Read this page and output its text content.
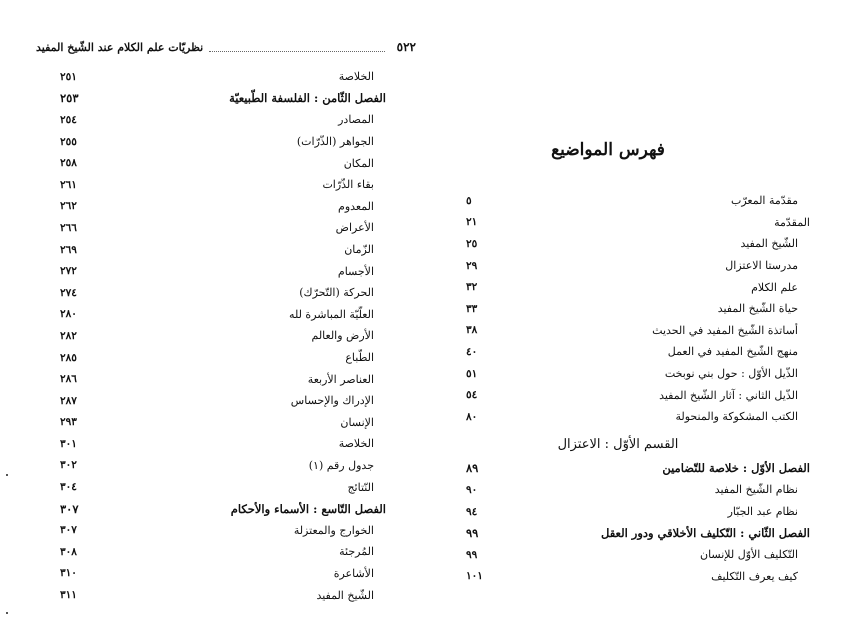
نظريّات علم الكلام عند الشّيخ المفيد	٥٢٢
الخلاصة
٢٥١
الفصل الثّامن : الفلسفة الطّبيعيّة
٢٥٣
المصادر
٢٥٤
الجواهر (الذّرّات)
٢٥٥
المكان
٢٥٨
بقاء الذّرّات
٢٦١
المعدوم
٢٦٢
الأعراض
٢٦٦
الزّمان
٢٦٩
الأجسام
٢٧٢
الحركة (التّحرّك)
٢٧٤
العلّيّة المباشرة لله
٢٨٠
الأرض والعالم
٢٨٢
الطّباع
٢٨٥
العناصر الأربعة
٢٨٦
الإدراك والإحساس
٢٨٧
الإنسان
٢٩٣
الخلاصة
٣٠١
جدول رقم (١)
٣٠٢
النّتائج
٣٠٤
الفصل التّاسع : الأسماء والأحكام
٣٠٧
الخوارج والمعتزلة
٣٠٧
المُرجئة
٣٠٨
الأشاعرة
٣١٠
الشّيخ المفيد
٣١١
فهرس المواضيع
مقدّمة المعرّب
٥
المقدّمة
٢١
الشّيخ المفيد
٢٥
مدرستا الاعتزال
٢٩
علم الكلام
٣٢
حياة الشّيخ المفيد
٣٣
أساتذة الشّيخ المفيد في الحديث
٣٨
منهج الشّيخ المفيد في العمل
٤٠
الذّيل الأوّل : حول بني نوبخت
٥١
الذّيل الثاني : آثار الشّيخ المفيد
٥٤
الكتب المشكوكة والمنحولة
٨٠
القسم الأوّل : الاعتزال
الفصل الأوّل : خلاصة للتّضامين
٨٩
نظام الشّيخ المفيد
٩٠
نظام عبد الجبّار
٩٤
الفصل الثّاني : التّكليف الأخلاقي ودور العقل
٩٩
التّكليف الأوّل للإنسان
٩٩
كيف يعرف التّكليف
١٠١
